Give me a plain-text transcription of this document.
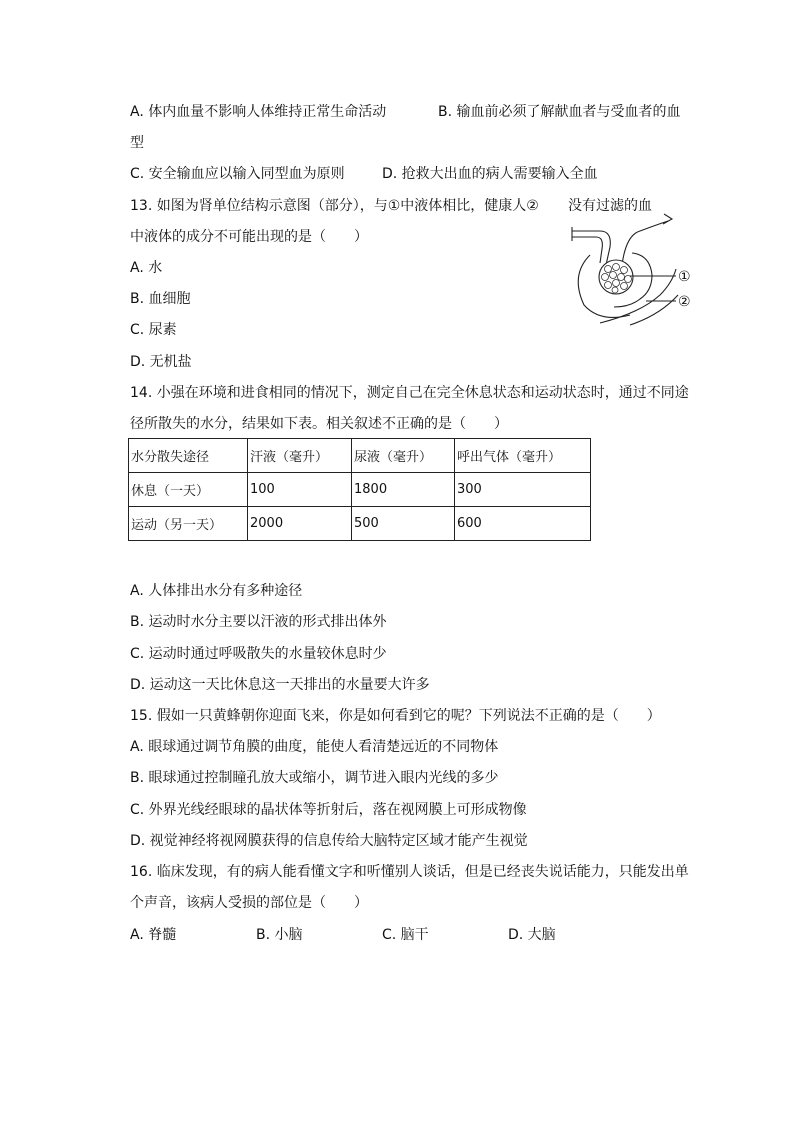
A. 体内血量不影响人体维持正常生命活动	B. 输血前必须了解献血者与受血者的血
型
C. 安全输血应以输入同型血为原则	D. 抢救大出血的病人需要输入全血
13. 如图为肾单位结构示意图（部分），与①中液体相比，健康人②
中液体的成分不可能出现的是（　　）
A. 水
B. 血细胞
C. 尿素
D. 无机盐
没有过滤的血
①
②
14. 小强在环境和进食相同的情况下，测定自己在完全休息状态和运动状态时，通过不同途
径所散失的水分，结果如下表。相关叙述不正确的是（　　）
水分散失途径	汗液（毫升）	尿液（毫升）	呼出气体（毫升）
休息（一天）	100	1800	300
运动（另一天）	2000	500	600
A. 人体排出水分有多种途径
B. 运动时水分主要以汗液的形式排出体外
C. 运动时通过呼吸散失的水量较休息时少
D. 运动这一天比休息这一天排出的水量要大许多
15. 假如一只黄蜂朝你迎面飞来，你是如何看到它的呢？下列说法不正确的是（　　）
A. 眼球通过调节角膜的曲度，能使人看清楚远近的不同物体
B. 眼球通过控制瞳孔放大或缩小，调节进入眼内光线的多少
C. 外界光线经眼球的晶状体等折射后，落在视网膜上可形成物像
D. 视觉神经将视网膜获得的信息传给大脑特定区域才能产生视觉
16. 临床发现，有的病人能看懂文字和听懂别人谈话，但是已经丧失说话能力，只能发出单
个声音，该病人受损的部位是（　　）
A. 脊髓	B. 小脑	C. 脑干	D. 大脑
